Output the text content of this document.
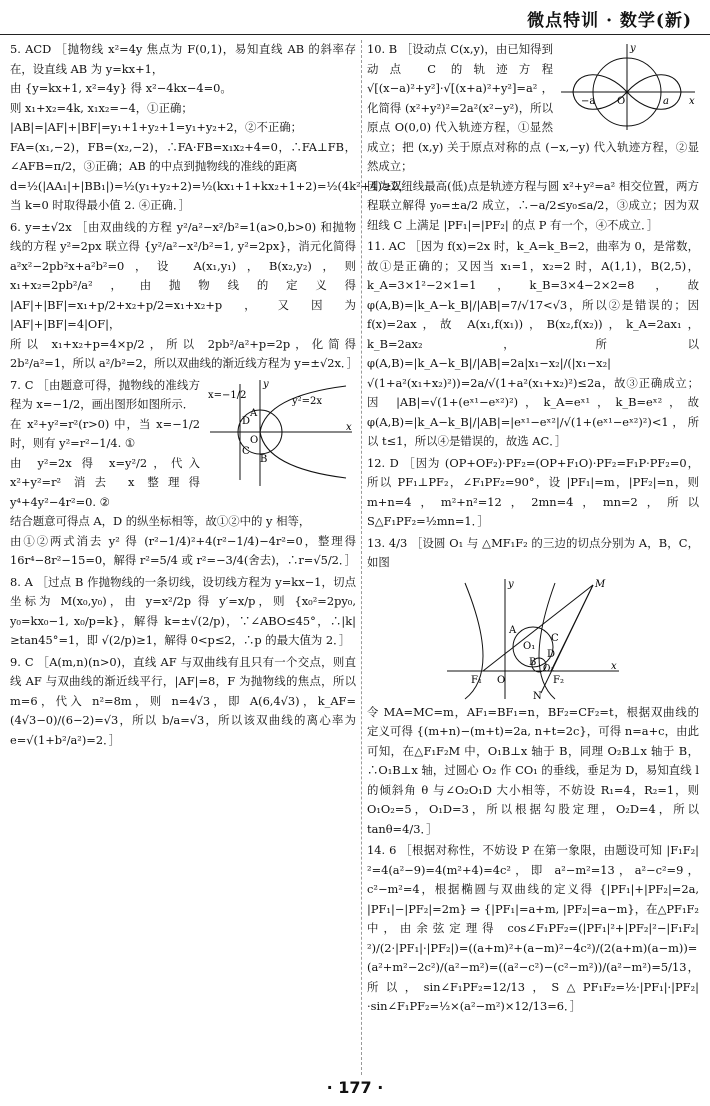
微点特训 · 数学(新)
5. ACD ［抛物线 x²=4y 焦点为 F(0,1)，易知直线 AB 的斜率存在，设直线 AB 为 y=kx+1，
由 {y=kx+1, x²=4y} 得 x²−4kx−4=0。
则 x₁+x₂=4k, x₁x₂=−4，①正确；
|AB|=|AF|+|BF|=y₁+1+y₂+1=y₁+y₂+2，②不正确；
FA=(x₁,−2)，FB=(x₂,−2)，∴FA·FB=x₁x₂+4=0，∴FA⊥FB，∠AFB=π/2，③正确；AB 的中点到抛物线的准线的距离
d=½(|AA₁|+|BB₁|)=½(y₁+y₂+2)=½(kx₁+1+kx₂+1+2)=½(4k²+4)≥2，
当 k=0 时取得最小值 2. ④正确．］
6. y=±√2x ［由双曲线的方程 y²/a²−x²/b²=1(a>0,b>0) 和抛物线的方程 y²=2px 联立得 {y²/a²−x²/b²=1, y²=2px}，消元化简得 a²x²−2pb²x+a²b²=0，设 A(x₁,y₁)，B(x₂,y₂)，则 x₁+x₂=2pb²/a²，由抛物线的定义得 |AF|+|BF|=x₁+p/2+x₂+p/2=x₁+x₂+p，又因为 |AF|+|BF|=4|OF|，
所以 x₁+x₂+p=4×p/2，所以 2pb²/a²+p=2p，化简得 2b²/a²=1，所以 a²/b²=2，所以双曲线的渐近线方程为 y=±√2x．］
x=−1/2
y
y²=2x
A
D
O
C
B
x
7. C ［由题意可得，抛物线的准线方程为 x=−1/2，画出图形如图所示．
在 x²+y²=r²(r>0) 中，当 x=−1/2 时，则有 y²=r²−1/4. ①
由 y²=2x 得 x=y²/2，代入 x²+y²=r² 消去 x 整理得 y⁴+4y²−4r²=0. ②
结合题意可得点 A，D 的纵坐标相等，故①②中的 y 相等，
由①②两式消去 y² 得 (r²−1/4)²+4(r²−1/4)−4r²=0，整理得 16r⁴−8r²−15=0，解得 r²=5/4 或 r²=−3/4(舍去)，∴r=√5/2．］
8. A ［过点 B 作抛物线的一条切线，设切线方程为 y=kx−1，切点坐标为 M(x₀,y₀)，由 y=x²/2p 得 y′=x/p，则 {x₀²=2py₀, y₀=kx₀−1, x₀/p=k}，解得 k=±√(2/p)，∵∠ABO≤45°，∴|k|≥tan45°=1，即 √(2/p)≥1，解得 0<p≤2，∴p 的最大值为 2．］
9. C ［A(m,n)(n>0)，直线 AF 与双曲线有且只有一个交点，则直线 AF 与双曲线的渐近线平行，|AF|=8，F 为抛物线的焦点，所以 m=6，代入 n²=8m，则 n=4√3，即 A(6,4√3)，k_AF=(4√3−0)/(6−2)=√3，所以 b/a=√3，所以该双曲线的离心率为 e=√(1+b²/a²)=2．］
y
x
−a O	a
10. B ［设动点 C(x,y)，由已知得到动点 C 的轨迹方程 √[(x−a)²+y²]·√[(x+a)²+y²]=a²，化简得 (x²+y²)²=2a²(x²−y²)，所以原点 O(0,0) 代入轨迹方程，①显然成立；把 (x,y) 关于原点对称的点 (−x,−y) 代入轨迹方程，②显然成立；
因为双纽线最高(低)点是轨迹方程与圆 x²+y²=a² 相交位置，两方程联立解得 y₀=±a/2 成立，∴−a/2≤y₀≤a/2，③成立；因为双纽线 C 上满足 |PF₁|=|PF₂| 的点 P 有一个，④不成立．］
11. AC ［因为 f(x)=2x 时，k_A=k_B=2，曲率为 0，是常数，故①是正确的；又因当 x₁=1，x₂=2 时，A(1,1)，B(2,5)，k_A=3×1²−2×1=1，k_B=3×4−2×2=8，故 φ(A,B)=|k_A−k_B|/|AB|=7/√17<√3，所以②是错误的；因 f(x)=2ax，故 A(x₁,f(x₁))，B(x₂,f(x₂))，k_A=2ax₁，k_B=2ax₂，所以 φ(A,B)=|k_A−k_B|/|AB|=2a|x₁−x₂|/(|x₁−x₂|√(1+a²(x₁+x₂)²))=2a/√(1+a²(x₁+x₂)²)≤2a，故③正确成立；因 |AB|=√(1+(eˣ¹−eˣ²)²)，k_A=eˣ¹，k_B=eˣ²，故 φ(A,B)=|k_A−k_B|/|AB|=|eˣ¹−eˣ²|/√(1+(eˣ¹−eˣ²)²)<1，所以 t≤1，所以④是错误的，故选 AC．］
12. D ［因为 (OP+OF₂)·PF₂=(OP+F₁O)·PF₂=F₁P·PF₂=0，所以 PF₁⊥PF₂，∠F₁PF₂=90°，设 |PF₁|=m，|PF₂|=n，则 m+n=4，m²+n²=12，2mn=4，mn=2，所以 S△F₁PF₂=½mn=1．］
13. 4/3 ［设圆 O₁ 与 △MF₁F₂ 的三边的切点分别为 A，B，C，如图
M
y
A
O₁
C
D
O₂
B
F₁ O	F₂
x
N
令 MA=MC=m，AF₁=BF₁=n，BF₂=CF₂=t，根据双曲线的定义可得 {(m+n)−(m+t)=2a, n+t=2c}，可得 n=a+c，由此可知，在△F₁F₂M 中，O₁B⊥x 轴于 B，同理 O₂B⊥x 轴于 B，∴O₁B⊥x 轴，过圆心 O₂ 作 CO₁ 的垂线，垂足为 D，易知直线 l 的倾斜角 θ 与∠O₂O₁D 大小相等，不妨设 R₁=4，R₂=1，则 O₁O₂=5，O₁D=3，所以根据勾股定理，O₂D=4，所以 tanθ=4/3．］
14. 6 ［根据对称性，不妨设 P 在第一象限，由题设可知 |F₁F₂|²=4(a²−9)=4(m²+4)=4c²，即 a²−m²=13，a²−c²=9，c²−m²=4，根据椭圆与双曲线的定义得 {|PF₁|+|PF₂|=2a, |PF₁|−|PF₂|=2m} ⇒ {|PF₁|=a+m, |PF₂|=a−m}，在△PF₁F₂ 中，由余弦定理得 cos∠F₁PF₂=(|PF₁|²+|PF₂|²−|F₁F₂|²)/(2·|PF₁|·|PF₂|)=((a+m)²+(a−m)²−4c²)/(2(a+m)(a−m))=(a²+m²−2c²)/(a²−m²)=((a²−c²)−(c²−m²))/(a²−m²)=5/13，所以，sin∠F₁PF₂=12/13，S△PF₁F₂=½·|PF₁|·|PF₂|·sin∠F₁PF₂=½×(a²−m²)×12/13=6．］
· 177 ·
